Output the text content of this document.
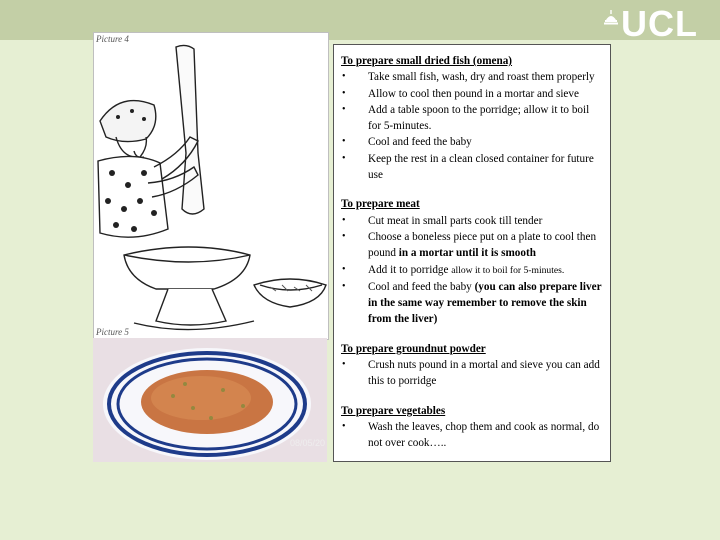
UCL
Picture 4
Picture 5
08/05/20
To prepare small dried fish (omena)
• Take small fish, wash, dry and roast them properly
• Allow to cool then pound in a mortar and sieve
• Add a table spoon to the porridge; allow it to boil for 5-minutes.
• Cool and feed the baby
• Keep the rest in a clean closed container for future use
To prepare meat
• Cut meat in small parts cook till tender
• Choose a boneless piece put on a plate to cool then pound in a mortar until it is smooth
• Add it to porridge allow it to boil for 5-minutes.
• Cool and feed the baby (you can also prepare liver in the same way remember to remove the skin from the liver)
To prepare groundnut powder
• Crush nuts pound in a mortal and sieve you can add this to porridge
To prepare vegetables
• Wash the leaves, chop them and cook as normal, do not over cook…..
